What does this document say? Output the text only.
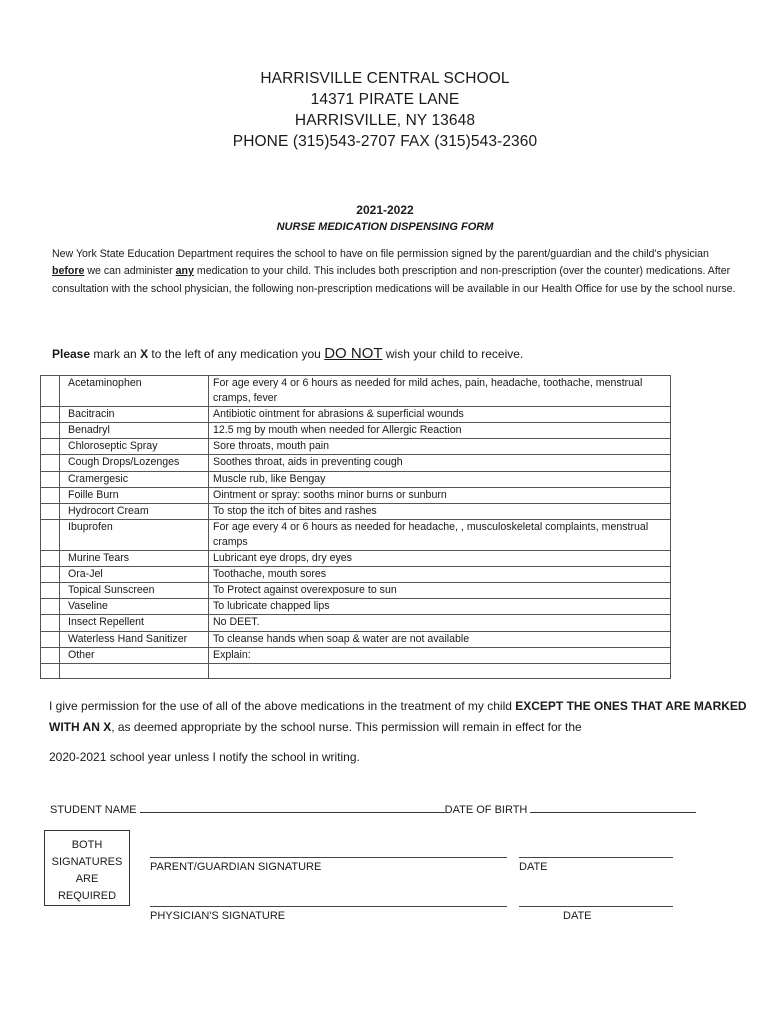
HARRISVILLE CENTRAL SCHOOL
14371 PIRATE LANE
HARRISVILLE, NY 13648
PHONE (315)543-2707 FAX (315)543-2360
2021-2022
NURSE MEDICATION DISPENSING FORM
New York State Education Department requires the school to have on file permission signed by the parent/guardian and the child's physician before we can administer any medication to your child. This includes both prescription and non-prescription (over the counter) medications. After consultation with the school physician, the following non-prescription medications will be available in our Health Office for use by the school nurse.
Please mark an X to the left of any medication you DO NOT wish your child to receive.
	Acetaminophen	For age every 4 or 6 hours as needed for mild aches, pain, headache, toothache, menstrual cramps, fever
	Bacitracin	Antibiotic ointment for abrasions & superficial wounds
	Benadryl	12.5 mg by mouth when needed for Allergic Reaction
	Chloroseptic Spray	Sore throats, mouth pain
	Cough Drops/Lozenges	Soothes throat, aids in preventing cough
	Cramergesic	Muscle rub, like Bengay
	Foille Burn	Ointment or spray: sooths minor burns or sunburn
	Hydrocort Cream	To stop the itch of bites and rashes
	Ibuprofen	For age every 4 or 6 hours as needed for headache, , musculoskeletal complaints, menstrual cramps
	Murine Tears	Lubricant eye drops, dry eyes
	Ora-Jel	Toothache, mouth sores
	Topical Sunscreen	To Protect against overexposure to sun
	Vaseline	To lubricate chapped lips
	Insect Repellent	No DEET.
	Waterless Hand Sanitizer	To cleanse hands when soap & water are not available
	Other	Explain:

I give permission for the use of all of the above medications in the treatment of my child EXCEPT THE ONES THAT ARE MARKED WITH AN X, as deemed appropriate by the school nurse. This permission will remain in effect for the
2020-2021 school year unless I notify the school in writing.
STUDENT NAME	DATE OF BIRTH
BOTH
SIGNATURES
ARE
REQUIRED
PARENT/GUARDIAN SIGNATURE	DATE
PHYSICIAN'S SIGNATURE	DATE
